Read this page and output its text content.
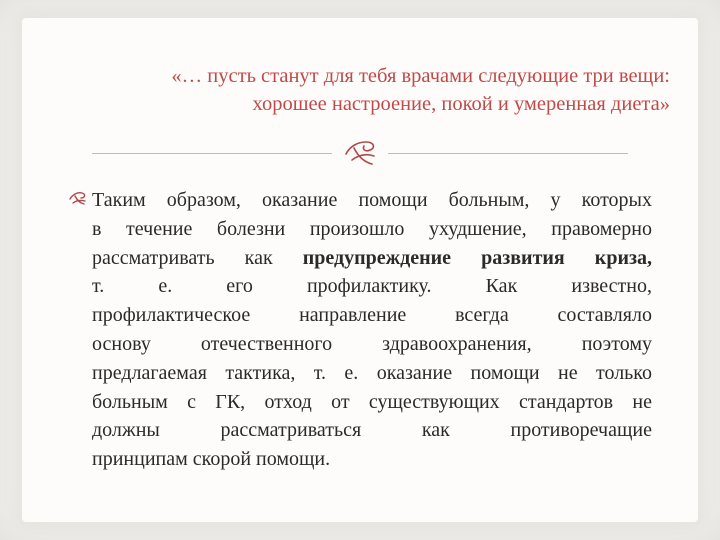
«… пусть станут для тебя врачами следующие три вещи:
хорошее настроение, покой и умеренная диета»
Таким образом, оказание помощи больным, у которых
в течение болезни произошло ухудшение, правомерно
рассматривать как предупреждение развития криза,
т.	е.	его	профилактику.	Как	известно,
профилактическое направление всегда составляло
основу	отечественного	здравоохранения,	поэтому
предлагаемая тактика, т. е. оказание помощи не только
больным с ГК, отход от существующих стандартов не
должны	рассматриваться	как	противоречащие
принципам скорой помощи.
